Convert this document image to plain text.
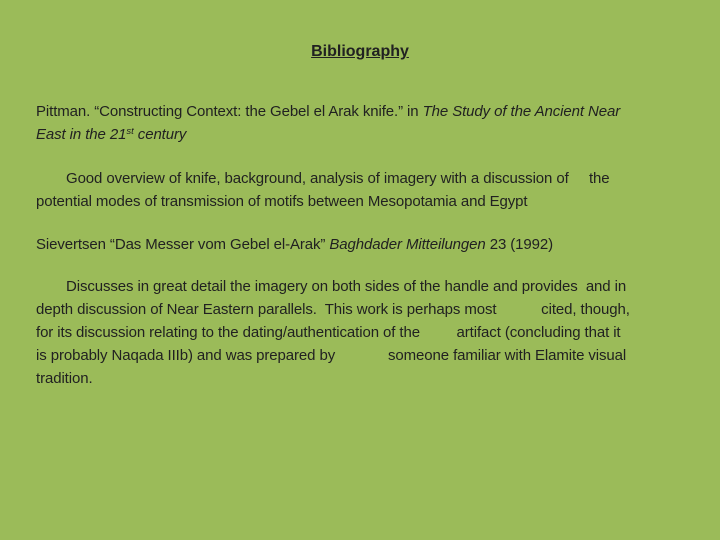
Bibliography
Pittman. “Constructing Context: the Gebel el Arak knife.” in The Study of the Ancient Near
East in the 21st century
Good overview of knife, background, analysis of imagery with a discussion of     the
potential modes of transmission of motifs between Mesopotamia and Egypt
Sievertsen “Das Messer vom Gebel el-Arak” Baghdader Mitteilungen 23 (1992)
Discusses in great detail the imagery on both sides of the handle and provides  and in
depth discussion of Near Eastern parallels.  This work is perhaps most           cited, though,
for its discussion relating to the dating/authentication of the         artifact (concluding that it
is probably Naqada IIIb) and was prepared by             someone familiar with Elamite visual
tradition.
